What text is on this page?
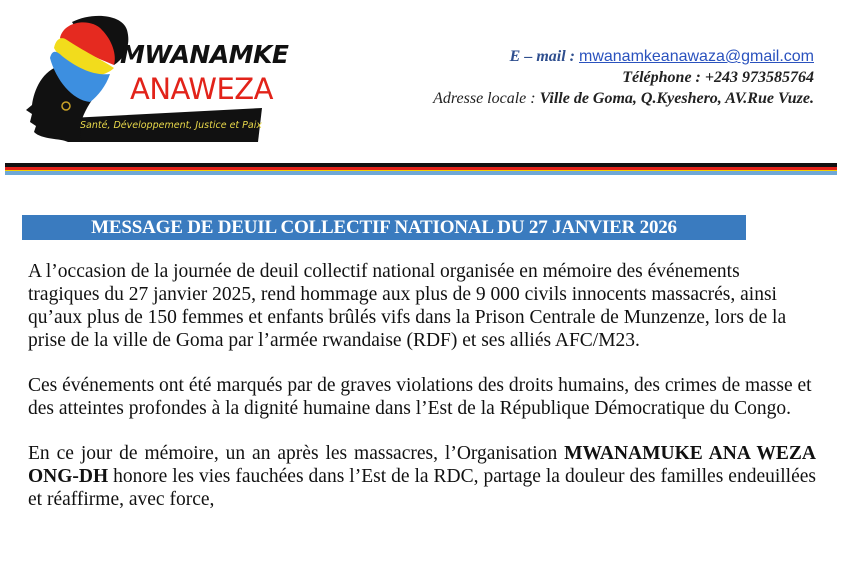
MWANAMKE
ANAWEZA
Santé, Développement, Justice et Paix
E – mail : mwanamkeanawaza@gmail.com
Téléphone : +243 973585764
Adresse locale : Ville de Goma, Q.Kyeshero, AV.Rue Vuze.
MESSAGE DE DEUIL COLLECTIF NATIONAL DU 27 JANVIER 2026

A l’occasion de la journée de deuil collectif national organisée en mémoire des événements tragiques du 27 janvier 2025, rend hommage aux plus de 9 000 civils innocents massacrés, ainsi qu’aux plus de 150 femmes et enfants brûlés vifs dans la Prison Centrale de Munzenze, lors de la prise de la ville de Goma par l’armée rwandaise (RDF) et ses alliés AFC/M23.

Ces événements ont été marqués par de graves violations des droits humains, des crimes de masse et des atteintes profondes à la dignité humaine dans l’Est de la République Démocratique du Congo.

En ce jour de mémoire, un an après les massacres, l’Organisation MWANAMUKE ANA WEZA ONG-DH honore les vies fauchées dans l’Est de la RDC, partage la douleur des familles endeuillées et réaffirme, avec force,
